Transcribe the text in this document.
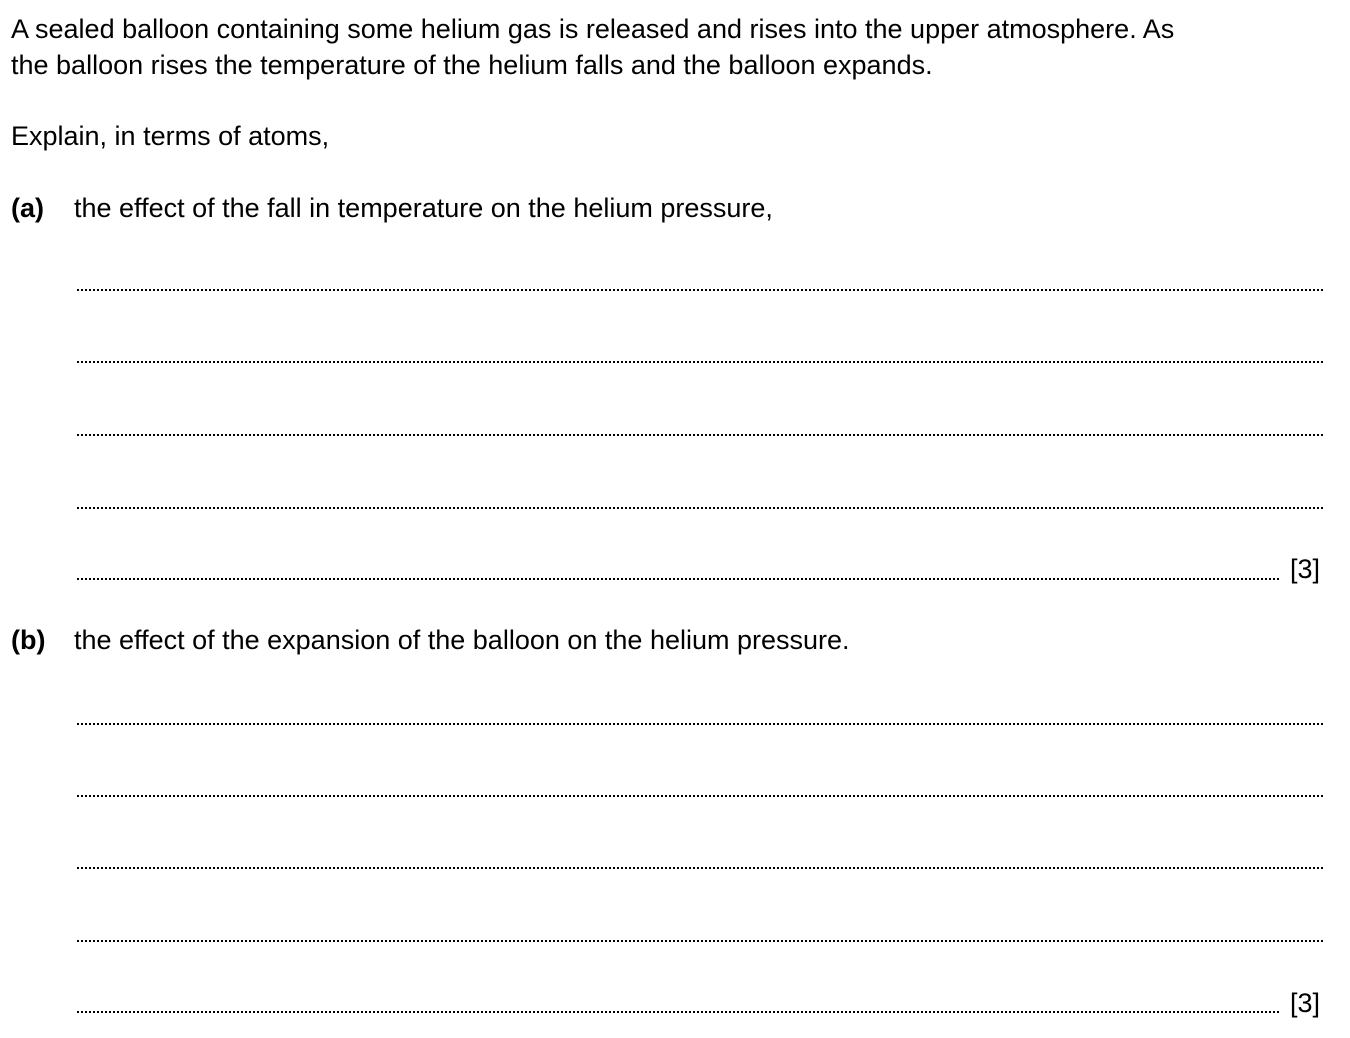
A sealed balloon containing some helium gas is released and rises into the upper atmosphere. As
the balloon rises the temperature of the helium falls and the balloon expands.

Explain, in terms of atoms,

(a) the effect of the fall in temperature on the helium pressure,
[3]
(b) the effect of the expansion of the balloon on the helium pressure.
[3]
